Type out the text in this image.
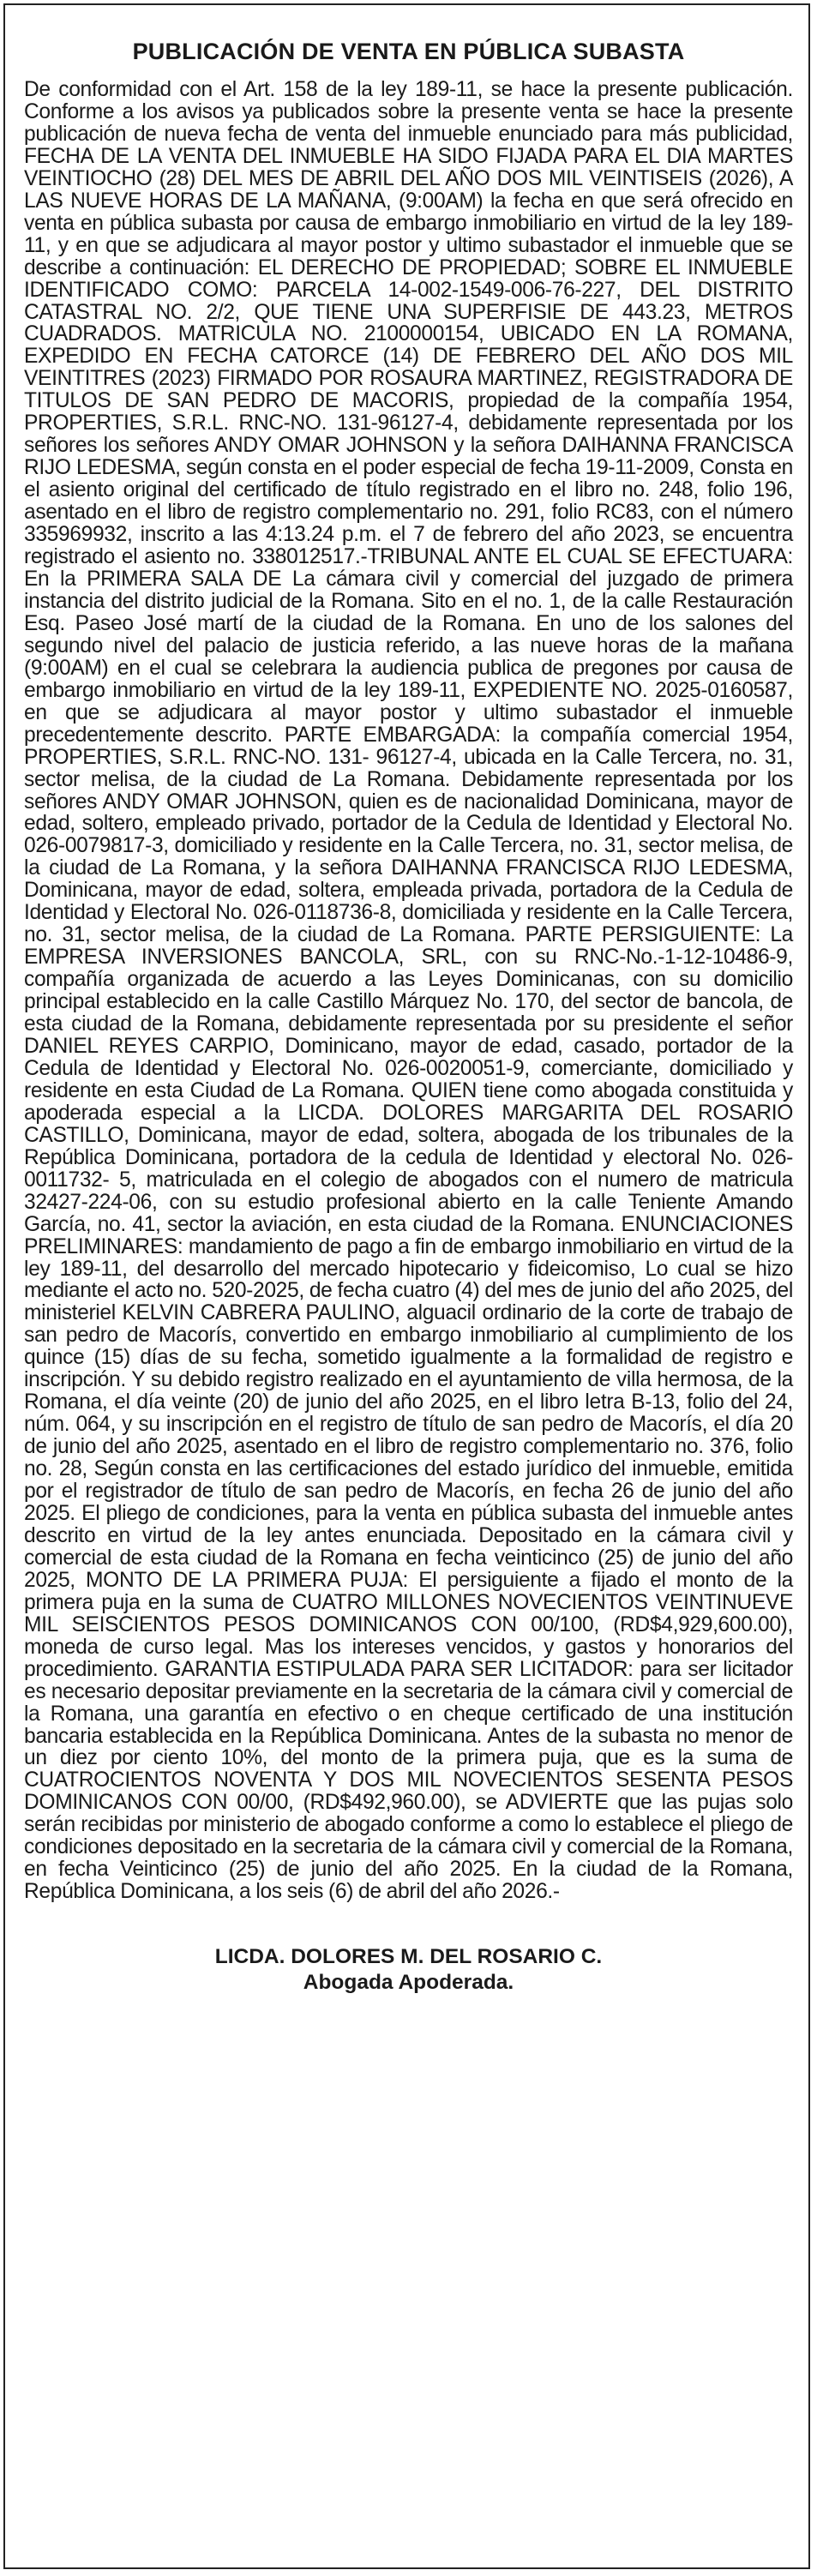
PUBLICACIÓN DE VENTA EN PÚBLICA SUBASTA

De conformidad con el Art. 158 de la ley 189-11, se hace la presente publicación. Conforme a los avisos ya publicados sobre la presente venta se hace la presente publicación de nueva fecha de venta del inmueble enunciado para más publicidad, FECHA DE LA VENTA DEL INMUEBLE HA SIDO FIJADA PARA EL DIA MARTES VEINTIOCHO (28) DEL MES DE ABRIL DEL AÑO DOS MIL VEINTISEIS (2026), A LAS NUEVE HORAS DE LA MAÑANA, (9:00AM) la fecha en que será ofrecido en venta en pública subasta por causa de embargo inmobiliario en virtud de la ley 189-11, y en que se adjudicara al mayor postor y ultimo subastador el inmueble que se describe a continuación: EL DERECHO DE PROPIEDAD; SOBRE EL INMUEBLE IDENTIFICADO COMO: PARCELA 14-002-1549-006-76-227, DEL DISTRITO CATASTRAL NO. 2/2, QUE TIENE UNA SUPERFISIE DE 443.23, METROS CUADRADOS. MATRICULA NO. 2100000154, UBICADO EN LA ROMANA, EXPEDIDO EN FECHA CATORCE (14) DE FEBRERO DEL AÑO DOS MIL VEINTITRES (2023) FIRMADO POR ROSAURA MARTINEZ, REGISTRADORA DE TITULOS DE SAN PEDRO DE MACORIS, propiedad de la compañía 1954, PROPERTIES, S.R.L. RNC-NO. 131-96127-4, debidamente representada por los señores los señores ANDY OMAR JOHNSON y la señora DAIHANNA FRANCISCA RIJO LEDESMA, según consta en el poder especial de fecha 19-11-2009, Consta en el asiento original del certificado de título registrado en el libro no. 248, folio 196, asentado en el libro de registro complementario no. 291, folio RC83, con el número 335969932, inscrito a las 4:13.24 p.m. el 7 de febrero del año 2023, se encuentra registrado el asiento no. 338012517.-TRIBUNAL ANTE EL CUAL SE EFECTUARA: En la PRIMERA SALA DE La cámara civil y comercial del juzgado de primera instancia del distrito judicial de la Romana. Sito en el no. 1, de la calle Restauración Esq. Paseo José martí de la ciudad de la Romana. En uno de los salones del segundo nivel del palacio de justicia referido, a las nueve horas de la mañana (9:00AM) en el cual se celebrara la audiencia publica de pregones por causa de embargo inmobiliario en virtud de la ley 189-11, EXPEDIENTE NO. 2025-0160587, en que se adjudicara al mayor postor y ultimo subastador el inmueble precedentemente descrito. PARTE EMBARGADA: la compañía comercial 1954, PROPERTIES, S.R.L. RNC-NO. 131- 96127-4, ubicada en la Calle Tercera, no. 31, sector melisa, de la ciudad de La Romana. Debidamente representada por los señores ANDY OMAR JOHNSON, quien es de nacionalidad Dominicana, mayor de edad, soltero, empleado privado, portador de la Cedula de Identidad y Electoral No. 026-0079817-3, domiciliado y residente en la Calle Tercera, no. 31, sector melisa, de la ciudad de La Romana, y la señora DAIHANNA FRANCISCA RIJO LEDESMA, Dominicana, mayor de edad, soltera, empleada privada, portadora de la Cedula de Identidad y Electoral No. 026-0118736-8, domiciliada y residente en la Calle Tercera, no. 31, sector melisa, de la ciudad de La Romana. PARTE PERSIGUIENTE: La EMPRESA INVERSIONES BANCOLA, SRL, con su RNC-No.-1-12-10486-9, compañía organizada de acuerdo a las Leyes Dominicanas, con su domicilio principal establecido en la calle Castillo Márquez No. 170, del sector de bancola, de esta ciudad de la Romana, debidamente representada por su presidente el señor DANIEL REYES CARPIO, Dominicano, mayor de edad, casado, portador de la Cedula de Identidad y Electoral No. 026-0020051-9, comerciante, domiciliado y residente en esta Ciudad de La Romana. QUIEN tiene como abogada constituida y apoderada especial a la LICDA. DOLORES MARGARITA DEL ROSARIO CASTILLO, Dominicana, mayor de edad, soltera, abogada de los tribunales de la República Dominicana, portadora de la cedula de Identidad y electoral No. 026-0011732- 5, matriculada en el colegio de abogados con el numero de matricula 32427-224-06, con su estudio profesional abierto en la calle Teniente Amando García, no. 41, sector la aviación, en esta ciudad de la Romana. ENUNCIACIONES PRELIMINARES: mandamiento de pago a fin de embargo inmobiliario en virtud de la ley 189-11, del desarrollo del mercado hipotecario y fideicomiso, Lo cual se hizo mediante el acto no. 520-2025, de fecha cuatro (4) del mes de junio del año 2025, del ministeriel KELVIN CABRERA PAULINO, alguacil ordinario de la corte de trabajo de san pedro de Macorís, convertido en embargo inmobiliario al cumplimiento de los quince (15) días de su fecha, sometido igualmente a la formalidad de registro e inscripción. Y su debido registro realizado en el ayuntamiento de villa hermosa, de la Romana, el día veinte (20) de junio del año 2025, en el libro letra B-13, folio del 24, núm. 064, y su inscripción en el registro de título de san pedro de Macorís, el día 20 de junio del año 2025, asentado en el libro de registro complementario no. 376, folio no. 28, Según consta en las certificaciones del estado jurídico del inmueble, emitida por el registrador de título de san pedro de Macorís, en fecha 26 de junio del año 2025. El pliego de condiciones, para la venta en pública subasta del inmueble antes descrito en virtud de la ley antes enunciada. Depositado en la cámara civil y comercial de esta ciudad de la Romana en fecha veinticinco (25) de junio del año 2025, MONTO DE LA PRIMERA PUJA: El persiguiente a fijado el monto de la primera puja en la suma de CUATRO MILLONES NOVECIENTOS VEINTINUEVE MIL SEISCIENTOS PESOS DOMINICANOS CON 00/100, (RD$4,929,600.00), moneda de curso legal. Mas los intereses vencidos, y gastos y honorarios del procedimiento. GARANTIA ESTIPULADA PARA SER LICITADOR: para ser licitador es necesario depositar previamente en la secretaria de la cámara civil y comercial de la Romana, una garantía en efectivo o en cheque certificado de una institución bancaria establecida en la República Dominicana. Antes de la subasta no menor de un diez por ciento 10%, del monto de la primera puja, que es la suma de CUATROCIENTOS NOVENTA Y DOS MIL NOVECIENTOS SESENTA PESOS DOMINICANOS CON 00/00, (RD$492,960.00), se ADVIERTE que las pujas solo serán recibidas por ministerio de abogado conforme a como lo establece el pliego de condiciones depositado en la secretaria de la cámara civil y comercial de la Romana, en fecha Veinticinco (25) de junio del año 2025. En la ciudad de la Romana, República Dominicana, a los seis (6) de abril del año 2026.-

LICDA. DOLORES M. DEL ROSARIO C.
Abogada Apoderada.
